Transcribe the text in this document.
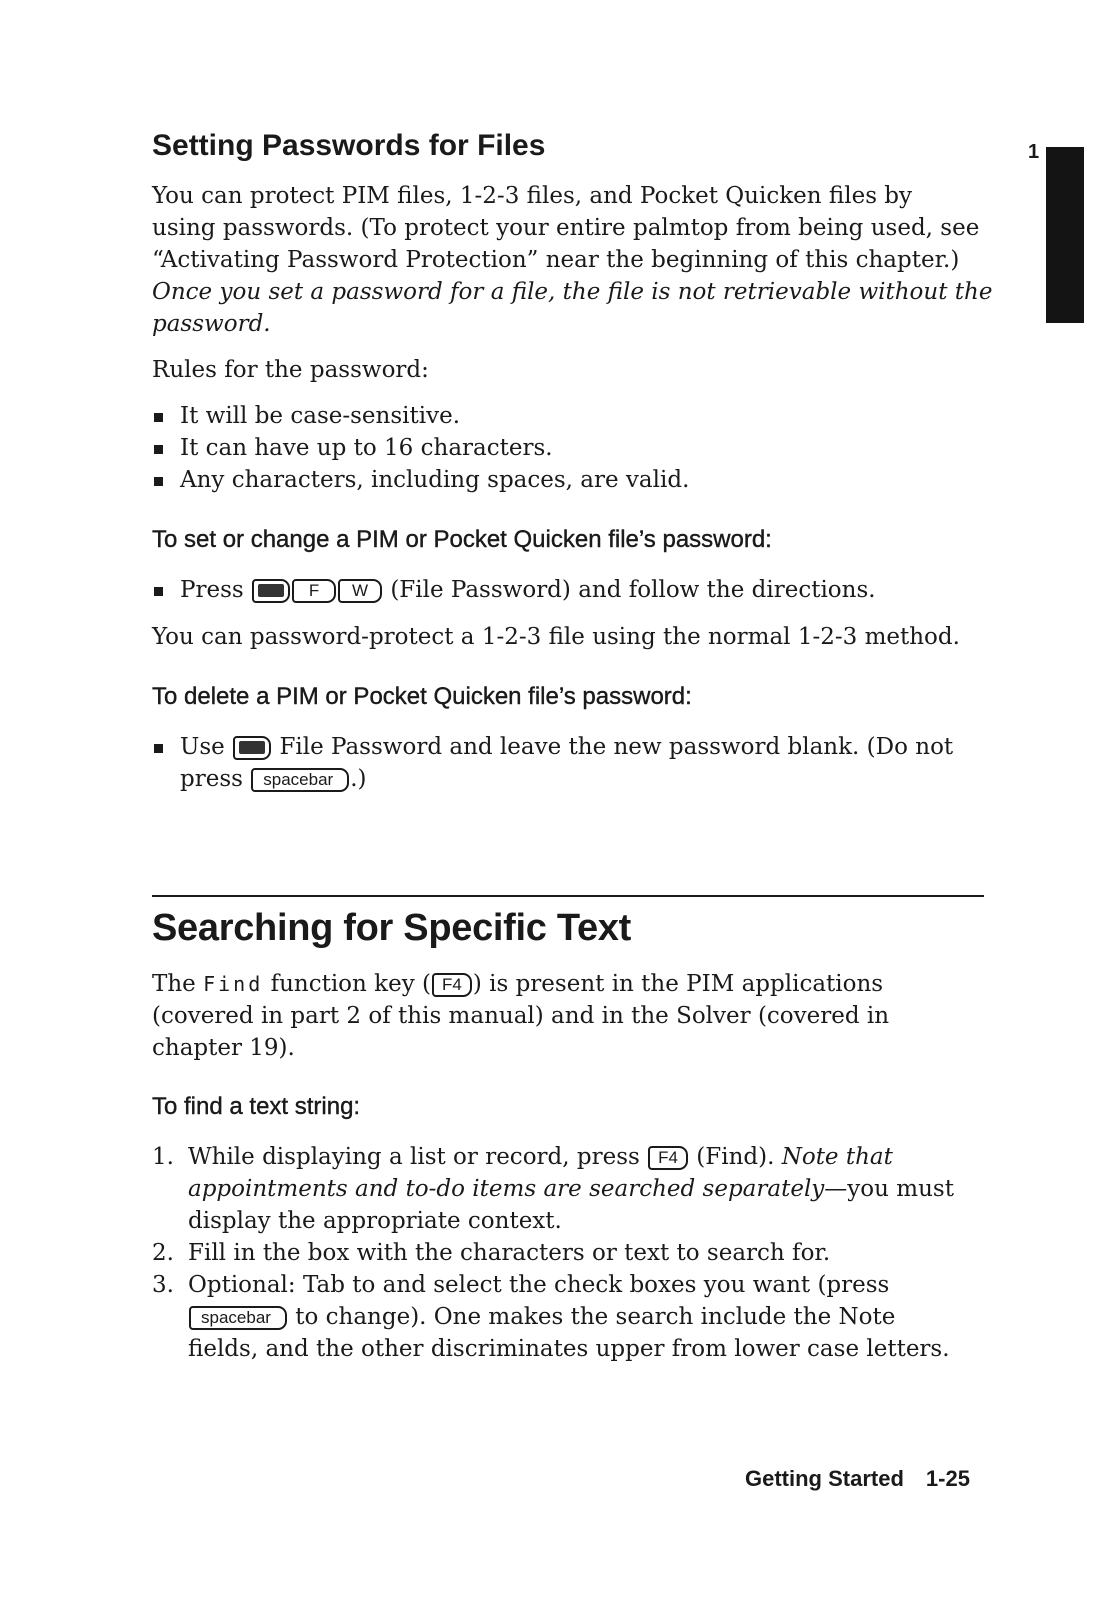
1
Setting Passwords for Files

You can protect PIM files, 1-2-3 files, and Pocket Quicken files by
using passwords. (To protect your entire palmtop from being used, see
“Activating Password Protection” near the beginning of this chapter.)
Once you set a password for a file, the file is not retrievable without the
password.

Rules for the password:

It will be case-sensitive.
It can have up to 16 characters.
Any characters, including spaces, are valid.
To set or change a PIM or Pocket Quicken file’s password:
Press	F W (File Password) and follow the directions.

You can password-protect a 1-2-3 file using the normal 1-2-3 method.

To delete a PIM or Pocket Quicken file’s password:
Use File Password and leave the new password blank. (Do not
press spacebar .)
Searching for Specific Text

The Find function key ( F4 ) is present in the PIM applications
(covered in part 2 of this manual) and in the Solver (covered in
chapter 19).

To find a text string:
1. While displaying a list or record, press F4 (Find). Note that
appointments and to-do items are searched separately—you must
display the appropriate context.
2. Fill in the box with the characters or text to search for.
3. Optional: Tab to and select the check boxes you want (press
spacebar to change). One makes the search include the Note
fields, and the other discriminates upper from lower case letters.
Getting Started 1-25
